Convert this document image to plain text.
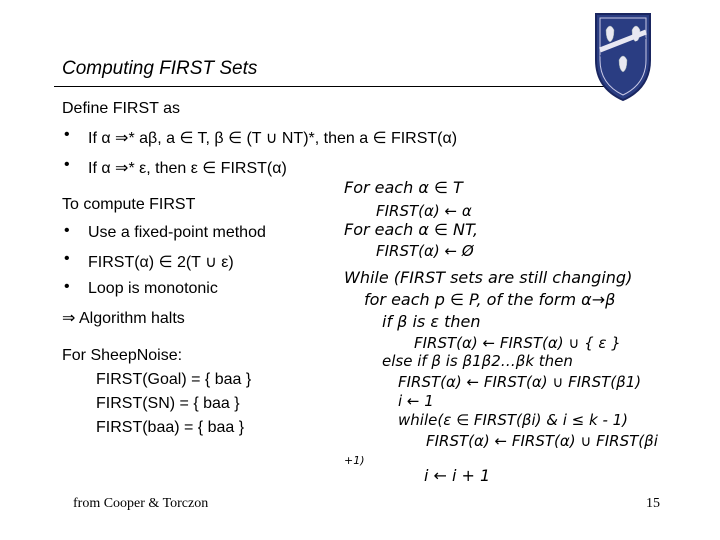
Computing FIRST Sets
Define FIRST as
• If α ⇒* aβ, a ∈ T, β ∈ (T ∪ NT)*, then a ∈ FIRST(α)
• If α ⇒* ε, then ε ∈ FIRST(α)
To compute FIRST
• Use a fixed-point method
• FIRST(α) ∈ 2(T ∪ ε)
• Loop is monotonic
⇒ Algorithm halts
For SheepNoise:
FIRST(Goal) = { baa }
FIRST(SN) = { baa }
FIRST(baa) = { baa }
For each α ∈ T
FIRST(α) ← α
For each α ∈ NT,
FIRST(α) ← Ø
While (FIRST sets are still changing)
for each p ∈ P, of the form α→β
if β is ε then
FIRST(α) ← FIRST(α) ∪ { ε }
else if β is β1β2…βk then
FIRST(α) ← FIRST(α) ∪ FIRST(β1)
i ← 1
while(ε ∈ FIRST(βi) & i ≤ k - 1)
FIRST(α) ← FIRST(α) ∪ FIRST(βi
+1)
i ← i + 1
from Cooper & Torczon	15
